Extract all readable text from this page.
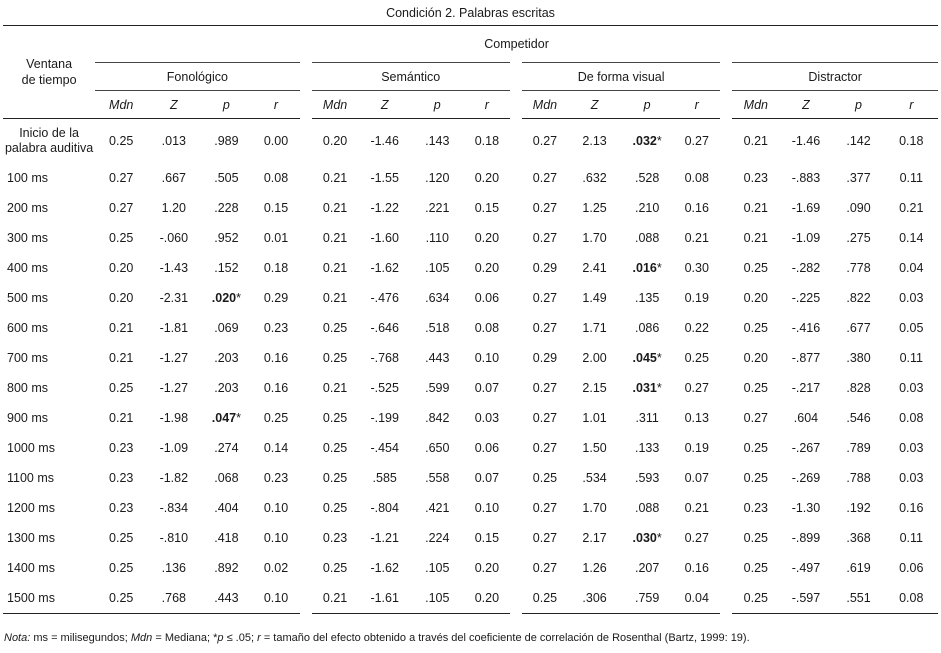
Condición 2. Palabras escritas
Ventana
de tiempo	Competidor															
	Fonológico				Semántico				De forma visual				Distractor			
	Mdn	Z	p	r	Mdn	Z	p	r	Mdn	Z	p	r	Mdn	Z	p	r
Inicio de la
palabra auditiva	0.25	.013	.989	0.00	0.20	-1.46	.143	0.18	0.27	2.13	.032*	0.27	0.21	-1.46	.142	0.18
100 ms	0.27	.667	.505	0.08	0.21	-1.55	.120	0.20	0.27	.632	.528	0.08	0.23	-.883	.377	0.11
200 ms	0.27	1.20	.228	0.15	0.21	-1.22	.221	0.15	0.27	1.25	.210	0.16	0.21	-1.69	.090	0.21
300 ms	0.25	-.060	.952	0.01	0.21	-1.60	.110	0.20	0.27	1.70	.088	0.21	0.21	-1.09	.275	0.14
400 ms	0.20	-1.43	.152	0.18	0.21	-1.62	.105	0.20	0.29	2.41	.016*	0.30	0.25	-.282	.778	0.04
500 ms	0.20	-2.31	.020*	0.29	0.21	-.476	.634	0.06	0.27	1.49	.135	0.19	0.20	-.225	.822	0.03
600 ms	0.21	-1.81	.069	0.23	0.25	-.646	.518	0.08	0.27	1.71	.086	0.22	0.25	-.416	.677	0.05
700 ms	0.21	-1.27	.203	0.16	0.25	-.768	.443	0.10	0.29	2.00	.045*	0.25	0.20	-.877	.380	0.11
800 ms	0.25	-1.27	.203	0.16	0.21	-.525	.599	0.07	0.27	2.15	.031*	0.27	0.25	-.217	.828	0.03
900 ms	0.21	-1.98	.047*	0.25	0.25	-.199	.842	0.03	0.27	1.01	.311	0.13	0.27	.604	.546	0.08
1000 ms	0.23	-1.09	.274	0.14	0.25	-.454	.650	0.06	0.27	1.50	.133	0.19	0.25	-.267	.789	0.03
1100 ms	0.23	-1.82	.068	0.23	0.25	.585	.558	0.07	0.25	.534	.593	0.07	0.25	-.269	.788	0.03
1200 ms	0.23	-.834	.404	0.10	0.25	-.804	.421	0.10	0.27	1.70	.088	0.21	0.23	-1.30	.192	0.16
1300 ms	0.25	-.810	.418	0.10	0.23	-1.21	.224	0.15	0.27	2.17	.030*	0.27	0.25	-.899	.368	0.11
1400 ms	0.25	.136	.892	0.02	0.25	-1.62	.105	0.20	0.27	1.26	.207	0.16	0.25	-.497	.619	0.06
1500 ms	0.25	.768	.443	0.10	0.21	-1.61	.105	0.20	0.25	.306	.759	0.04	0.25	-.597	.551	0.08
Nota: ms = milisegundos; Mdn = Mediana; *p ≤ .05; r = tamaño del efecto obtenido a través del coeficiente de correlación de Rosenthal (Bartz, 1999: 19).
